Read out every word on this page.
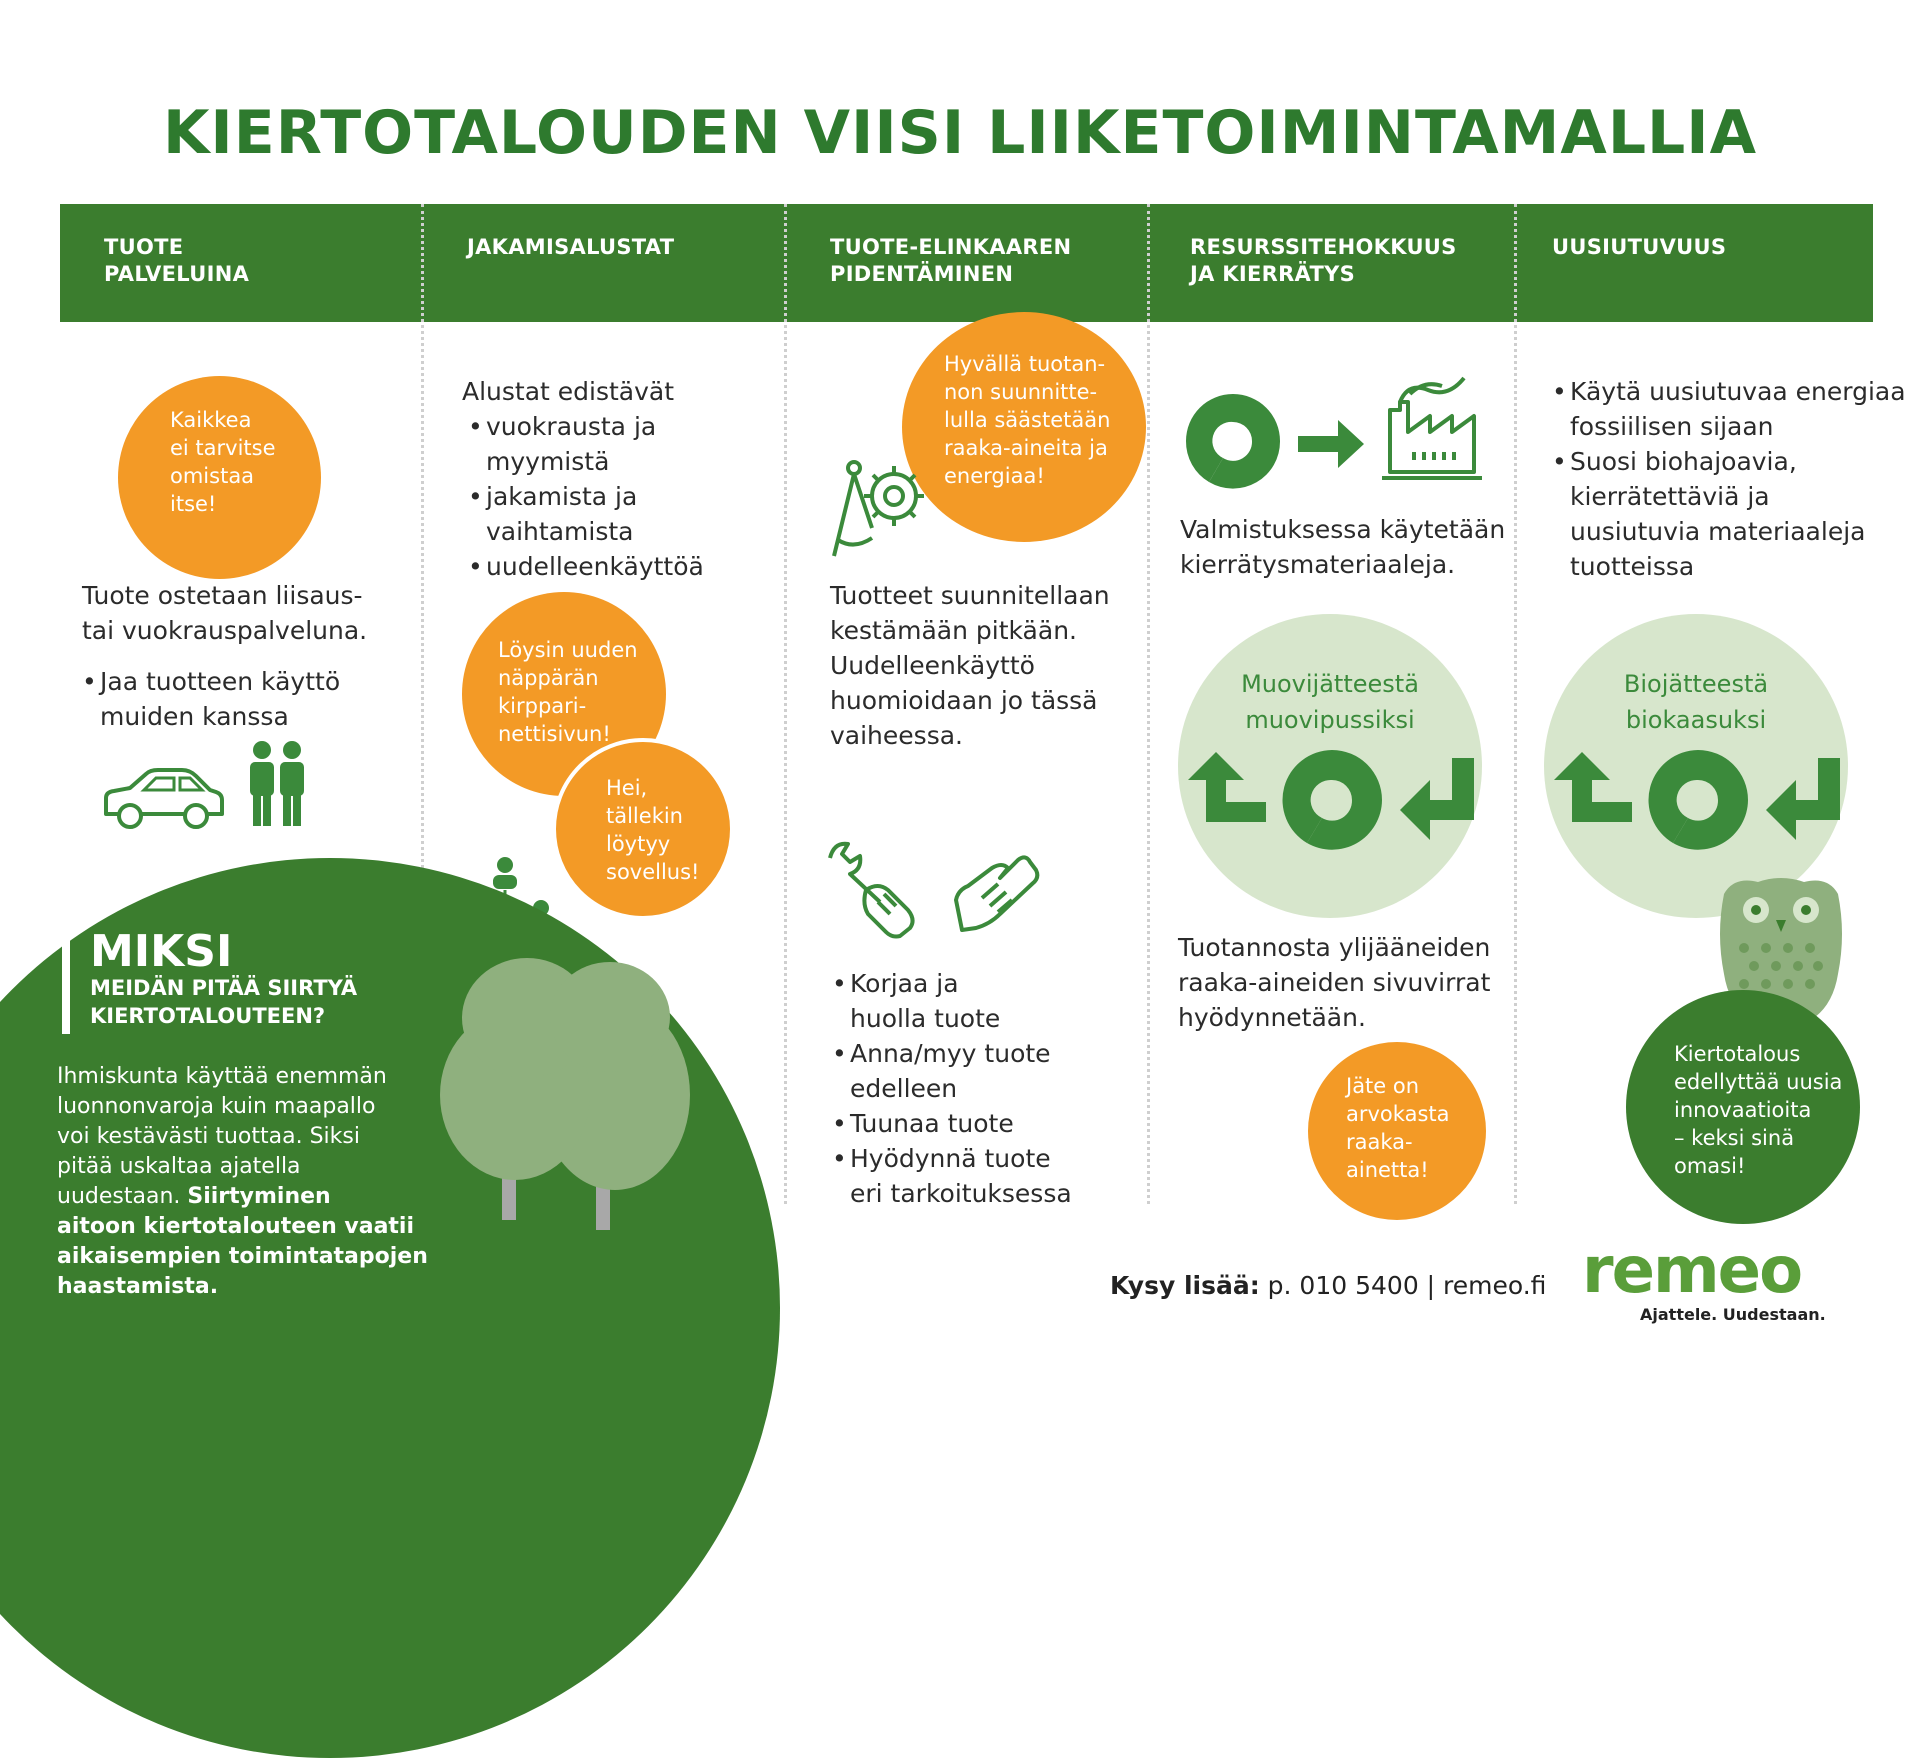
KIERTOTALOUDEN VIISI LIIKETOIMINTAMALLIA
TUOTE
PALVELUINA
JAKAMISALUSTAT	TUOTE-ELINKAAREN
PIDENTÄMINEN
RESURSSITEHOKKUUS
JA KIERRÄTYS
UUSIUTUVUUS
Kaikkea
ei tarvitse
omistaa
itse!
Tuote ostetaan liisaus-
tai vuokrauspalveluna.
• Jaa tuotteen käyttö
muiden kanssa
Alustat edistävät
• vuokrausta ja
myymistä
• jakamista ja
vaihtamista
• uudelleenkäyttöä
Löysin uuden
näppärän
kirppari-
nettisivun!
Hei,
tällekin
löytyy
sovellus!
Hyvällä tuotan-
non suunnitte-
lulla säästetään
raaka-aineita ja
energiaa!
Tuotteet suunnitellaan
kestämään pitkään.
Uudelleenkäyttö
huomioidaan jo tässä
vaiheessa.
• Korjaa ja
huolla tuote
• Anna/myy tuote
edelleen
• Tuunaa tuote
• Hyödynnä tuote
eri tarkoituksessa
Valmistuksessa käytetään
kierrätysmateriaaleja.
Muovijätteestä
muovipussiksi
Tuotannosta ylijääneiden
raaka-aineiden sivuvirrat
hyödynnetään.
Jäte on
arvokasta
raaka-
ainetta!
• Käytä uusiutuvaa energiaa
fossiilisen sijaan
• Suosi biohajoavia,
kierrätettäviä ja
uusiutuvia materiaaleja
tuotteissa
Biojätteestä
biokaasuksi
Kiertotalous
edellyttää uusia
innovaatioita
– keksi sinä
omasi!
MIKSI
MEIDÄN PITÄÄ SIIRTYÄ
KIERTOTALOUTEEN?
Ihmiskunta käyttää enemmän
luonnonvaroja kuin maapallo
voi kestävästi tuottaa. Siksi
pitää uskaltaa ajatella
uudestaan. Siirtyminen
aitoon kiertotalouteen vaatii
aikaisempien toimintatapojen
haastamista.	Kysy lisää: p. 010 5400 | remeo.fi remeo
Ajattele. Uudestaan.
